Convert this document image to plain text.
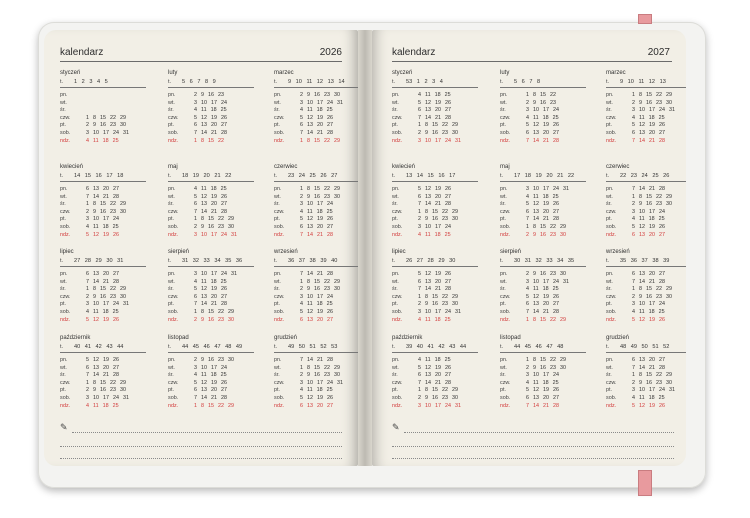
kalendarz	2026
styczeń
t. 1 2 3 4 5
pn.
wt.
śr.
czw.	1 8 15 22 29
pt.	2 9 16 23 30
sob.	3 10 17 24 31
ndz.	4 11 18 25
luty
t. 5 6 7 8 9
pn.	2 9 16 23
wt.	3 10 17 24
śr.	4 11 18 25
czw.	5 12 19 26
pt.	6 13 20 27
sob.	7 14 21 28
ndz.	1 8 15 22
marzec
t. 9 10 11 12 13 14
pn.	2 9 16 23 30
wt.	3 10 17 24 31
śr.	4 11 18 25
czw.	5 12 19 26
pt.	6 13 20 27
sob.	7 14 21 28
ndz.	1 8 15 22 29
kwiecień
t. 14 15 16 17 18
pn.	6 13 20 27
wt.	7 14 21 28
śr.	1 8 15 22 29
czw.	2 9 16 23 30
pt.	3 10 17 24
sob.	4 11 18 25
ndz.	5 12 19 26
maj
t. 18 19 20 21 22
pn.	4 11 18 25
wt.	5 12 19 26
śr.	6 13 20 27
czw.	7 14 21 28
pt.	1 8 15 22 29
sob.	2 9 16 23 30
ndz.	3 10 17 24 31
czerwiec
t. 23 24 25 26 27
pn.	1 8 15 22 29
wt.	2 9 16 23 30
śr.	3 10 17 24
czw.	4 11 18 25
pt.	5 12 19 26
sob.	6 13 20 27
ndz.	7 14 21 28
lipiec
t. 27 28 29 30 31
pn.	6 13 20 27
wt.	7 14 21 28
śr.	1 8 15 22 29
czw.	2 9 16 23 30
pt.	3 10 17 24 31
sob.	4 11 18 25
ndz.	5 12 19 26
sierpień
t. 31 32 33 34 35 36
pn.	3 10 17 24 31
wt.	4 11 18 25
śr.	5 12 19 26
czw.	6 13 20 27
pt.	7 14 21 28
sob.	1 8 15 22 29
ndz.	2 9 16 23 30
wrzesień
t. 36 37 38 39 40
pn.	7 14 21 28
wt.	1 8 15 22 29
śr.	2 9 16 23 30
czw.	3 10 17 24
pt.	4 11 18 25
sob.	5 12 19 26
ndz.	6 13 20 27
październik
t. 40 41 42 43 44
pn.	5 12 19 26
wt.	6 13 20 27
śr.	7 14 21 28
czw.	1 8 15 22 29
pt.	2 9 16 23 30
sob.	3 10 17 24 31
ndz.	4 11 18 25
listopad
t. 44 45 46 47 48 49
pn.	2 9 16 23 30
wt.	3 10 17 24
śr.	4 11 18 25
czw.	5 12 19 26
pt.	6 13 20 27
sob.	7 14 21 28
ndz.	1 8 15 22 29
grudzień
t. 49 50 51 52 53
pn.	7 14 21 28
wt.	1 8 15 22 29
śr.	2 9 16 23 30
czw.	3 10 17 24 31
pt.	4 11 18 25
sob.	5 12 19 26
ndz.	6 13 20 27
✎
kalendarz	2027
styczeń
t. 53 1 2 3 4
pn.	4 11 18 25
wt.	5 12 19 26
śr.	6 13 20 27
czw.	7 14 21 28
pt.	1 8 15 22 29
sob.	2 9 16 23 30
ndz.	3 10 17 24 31
luty
t. 5 6 7 8
pn.	1 8 15 22
wt.	2 9 16 23
śr.	3 10 17 24
czw.	4 11 18 25
pt.	5 12 19 26
sob.	6 13 20 27
ndz.	7 14 21 28
marzec
t. 9 10 11 12 13
pn.	1 8 15 22 29
wt.	2 9 16 23 30
śr.	3 10 17 24 31
czw.	4 11 18 25
pt.	5 12 19 26
sob.	6 13 20 27
ndz.	7 14 21 28
kwiecień
t. 13 14 15 16 17
pn.	5 12 19 26
wt.	6 13 20 27
śr.	7 14 21 28
czw.	1 8 15 22 29
pt.	2 9 16 23 30
sob.	3 10 17 24
ndz.	4 11 18 25
maj
t. 17 18 19 20 21 22
pn.	3 10 17 24 31
wt.	4 11 18 25
śr.	5 12 19 26
czw.	6 13 20 27
pt.	7 14 21 28
sob.	1 8 15 22 29
ndz.	2 9 16 23 30
czerwiec
t. 22 23 24 25 26
pn.	7 14 21 28
wt.	1 8 15 22 29
śr.	2 9 16 23 30
czw.	3 10 17 24
pt.	4 11 18 25
sob.	5 12 19 26
ndz.	6 13 20 27
lipiec
t. 26 27 28 29 30
pn.	5 12 19 26
wt.	6 13 20 27
śr.	7 14 21 28
czw.	1 8 15 22 29
pt.	2 9 16 23 30
sob.	3 10 17 24 31
ndz.	4 11 18 25
sierpień
t. 30 31 32 33 34 35
pn.	2 9 16 23 30
wt.	3 10 17 24 31
śr.	4 11 18 25
czw.	5 12 19 26
pt.	6 13 20 27
sob.	7 14 21 28
ndz.	1 8 15 22 29
wrzesień
t. 35 36 37 38 39
pn.	6 13 20 27
wt.	7 14 21 28
śr.	1 8 15 22 29
czw.	2 9 16 23 30
pt.	3 10 17 24
sob.	4 11 18 25
ndz.	5 12 19 26
październik
t. 39 40 41 42 43 44
pn.	4 11 18 25
wt.	5 12 19 26
śr.	6 13 20 27
czw.	7 14 21 28
pt.	1 8 15 22 29
sob.	2 9 16 23 30
ndz.	3 10 17 24 31
listopad
t. 44 45 46 47 48
pn.	1 8 15 22 29
wt.	2 9 16 23 30
śr.	3 10 17 24
czw.	4 11 18 25
pt.	5 12 19 26
sob.	6 13 20 27
ndz.	7 14 21 28
grudzień
t. 48 49 50 51 52
pn.	6 13 20 27
wt.	7 14 21 28
śr.	1 8 15 22 29
czw.	2 9 16 23 30
pt.	3 10 17 24 31
sob.	4 11 18 25
ndz.	5 12 19 26
✎
